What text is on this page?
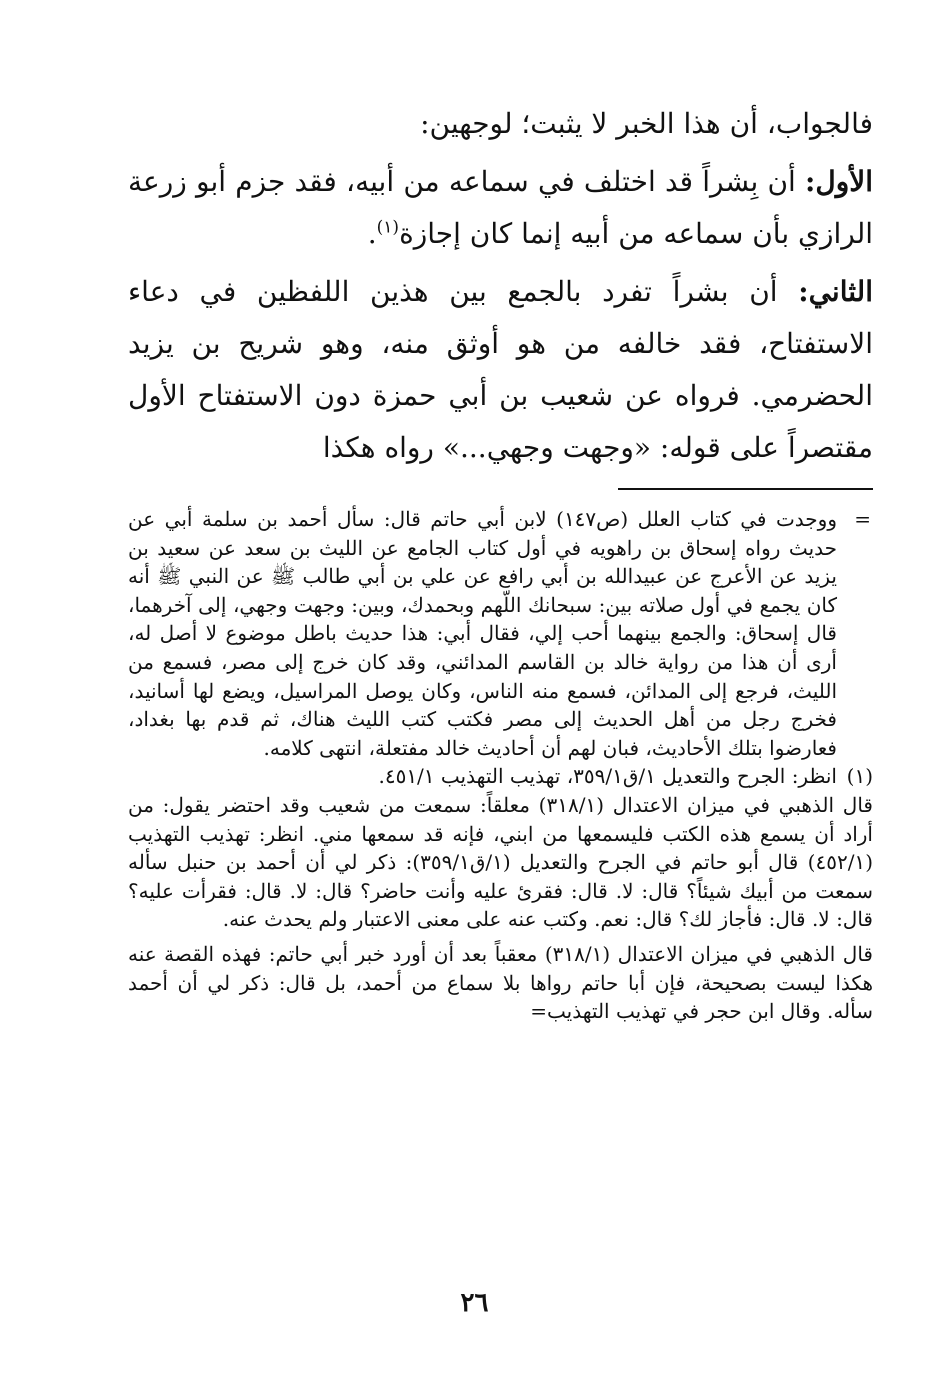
فالجواب، أن هذا الخبر لا يثبت؛ لوجهين:

الأول: أن بِشراً قد اختلف في سماعه من أبيه، فقد جزم أبو زرعة الرازي بأن سماعه من أبيه إنما كان إجازة$^{(١)}$.

الثاني: أن بشراً تفرد بالجمع بين هذين اللفظين في دعاء الاستفتاح، فقد خالفه من هو أوثق منه، وهو شريح بن يزيد الحضرمي. فرواه عن شعيب بن أبي حمزة دون الاستفتاح الأول مقتصراً على قوله: «وجهت وجهي...» رواه هكذا

=
ووجدت في كتاب العلل (ص١٤٧) لابن أبي حاتم قال: سأل أحمد بن سلمة أبي عن حديث رواه إسحاق بن راهويه في أول كتاب الجامع عن الليث بن سعد عن سعيد بن يزيد عن الأعرج عن عبيدالله بن أبي رافع عن علي بن أبي طالب ﷺ عن النبي ﷺ أنه كان يجمع في أول صلاته بين: سبحانك اللّهم وبحمدك، وبين: وجهت وجهي، إلى آخرهما، قال إسحاق: والجمع بينهما أحب إلي، فقال أبي: هذا حديث باطل موضوع لا أصل له، أرى أن هذا من رواية خالد بن القاسم المدائني، وقد كان خرج إلى مصر، فسمع من الليث، فرجع إلى المدائن، فسمع منه الناس، وكان يوصل المراسيل، ويضع لها أسانيد، فخرج رجل من أهل الحديث إلى مصر فكتب كتب الليث هناك، ثم قدم بها بغداد، فعارضوا بتلك الأحاديث، فبان لهم أن أحاديث خالد مفتعلة، انتهى كلامه.

(١)
انظر: الجرح والتعديل ١/ق٣٥٩/١، تهذيب التهذيب ٤٥١/١.

قال الذهبي في ميزان الاعتدال (٣١٨/١) معلقاً: سمعت من شعيب وقد احتضر يقول: من أراد أن يسمع هذه الكتب فليسمعها من ابني، فإنه قد سمعها مني. انظر: تهذيب التهذيب (٤٥٢/١) قال أبو حاتم في الجرح والتعديل (١/ق٣٥٩/١): ذكر لي أن أحمد بن حنبل سأله سمعت من أبيك شيئاً؟ قال: لا. قال: فقرئ عليه وأنت حاضر؟ قال: لا. قال: فقرأت عليه؟ قال: لا. قال: فأجاز لك؟ قال: نعم. وكتب عنه على معنى الاعتبار ولم يحدث عنه.

قال الذهبي في ميزان الاعتدال (٣١٨/١) معقباً بعد أن أورد خبر أبي حاتم: فهذه القصة عنه هكذا ليست بصحيحة، فإن أبا حاتم رواها بلا سماع من أحمد، بل قال: ذكر لي أن أحمد سأله. وقال ابن حجر في تهذيب التهذيب=

٢٦
